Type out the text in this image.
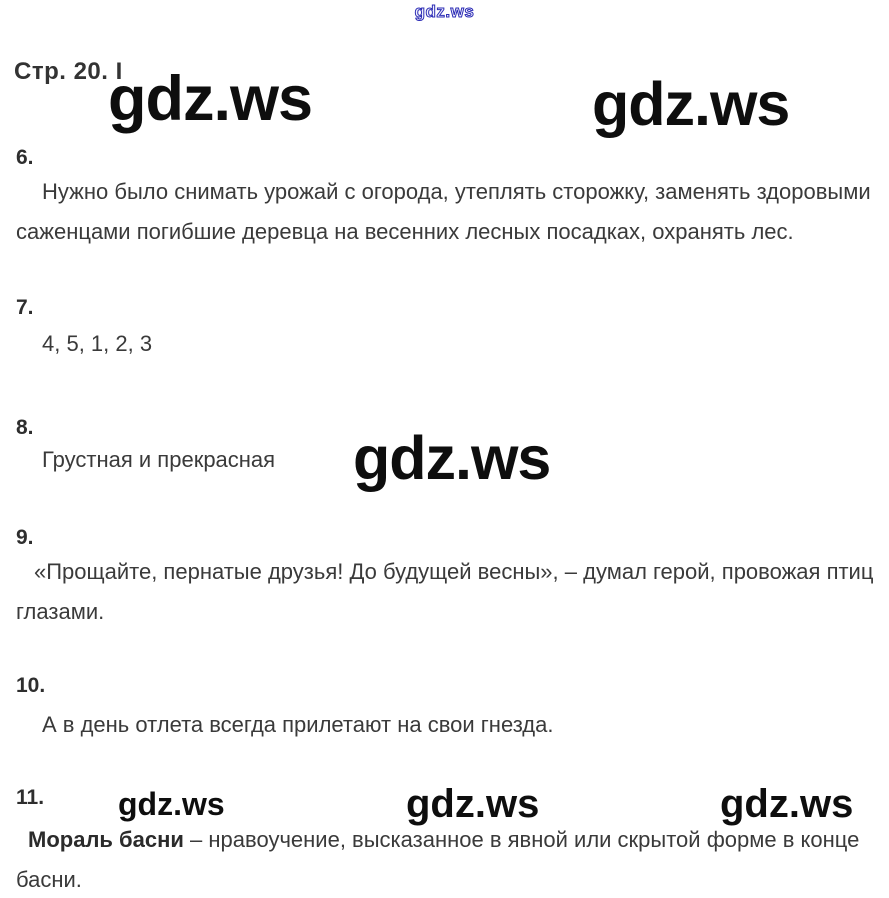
gdz.ws
Стр. 20. І
gdz.ws	gdz.ws
6.

Нужно было снимать урожай с огорода, утеплять сторожку, заменять здоровыми саженцами погибшие деревца на весенних лесных посадках, охранять лес.

7.

4, 5, 1, 2, 3

8.

Грустная и прекрасная gdz.ws
9.

«Прощайте, пернатые друзья! До будущей весны», – думал герой, провожая птиц глазами.

10.

А в день отлета всегда прилетают на свои гнезда.

11. gdz.ws	gdz.ws	gdz.ws

Мораль басни – нравоучение, высказанное в явной или скрытой форме в конце басни.
